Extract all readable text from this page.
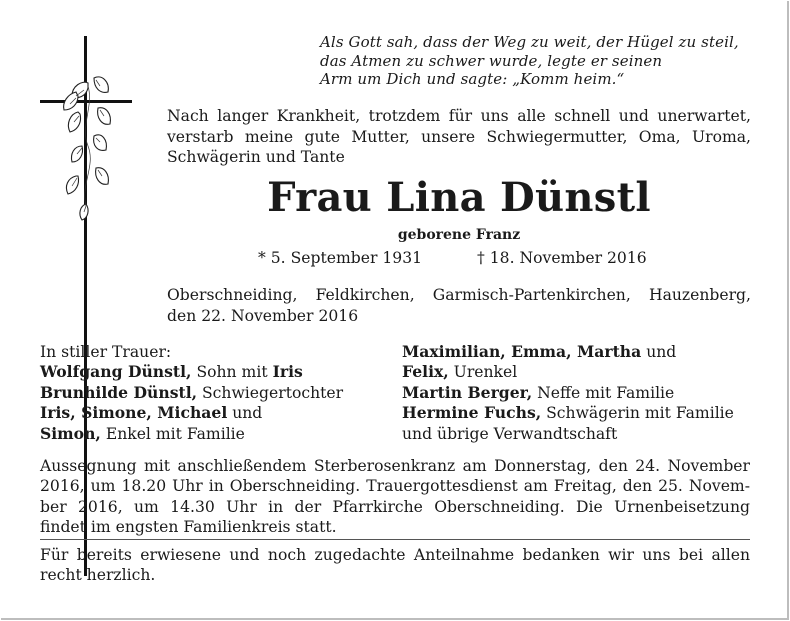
Als Gott sah, dass der Weg zu weit, der Hügel zu steil,
das Atmen zu schwer wurde, legte er seinen
Arm um Dich und sagte: „Komm heim.“
Nach langer Krankheit, trotzdem für uns alle schnell und unerwartet,
verstarb meine gute Mutter, unsere Schwiegermutter, Oma, Uroma,
Schwägerin und Tante
Frau Lina Dünstl
geborene Franz
* 5. September 1931	† 18. November 2016
Oberschneiding, Feldkirchen, Garmisch-Partenkirchen, Hauzenberg,
den 22. November 2016
In stiller Trauer:
Wolfgang Dünstl, Sohn mit Iris
Brunhilde Dünstl, Schwiegertochter
Iris, Simone, Michael und
Simon, Enkel mit Familie
Maximilian, Emma, Martha und
Felix, Urenkel
Martin Berger, Neffe mit Familie
Hermine Fuchs, Schwägerin mit Familie
und übrige Verwandtschaft
Aussegnung mit anschließendem Sterberosenkranz am Donnerstag, den 24. November
2016, um 18.20 Uhr in Oberschneiding. Trauergottesdienst am Freitag, den 25. Novem-
ber 2016, um 14.30 Uhr in der Pfarrkirche Oberschneiding. Die Urnenbeisetzung
findet im engsten Familienkreis statt.
Für bereits erwiesene und noch zugedachte Anteilnahme bedanken wir uns bei allen
recht herzlich.
